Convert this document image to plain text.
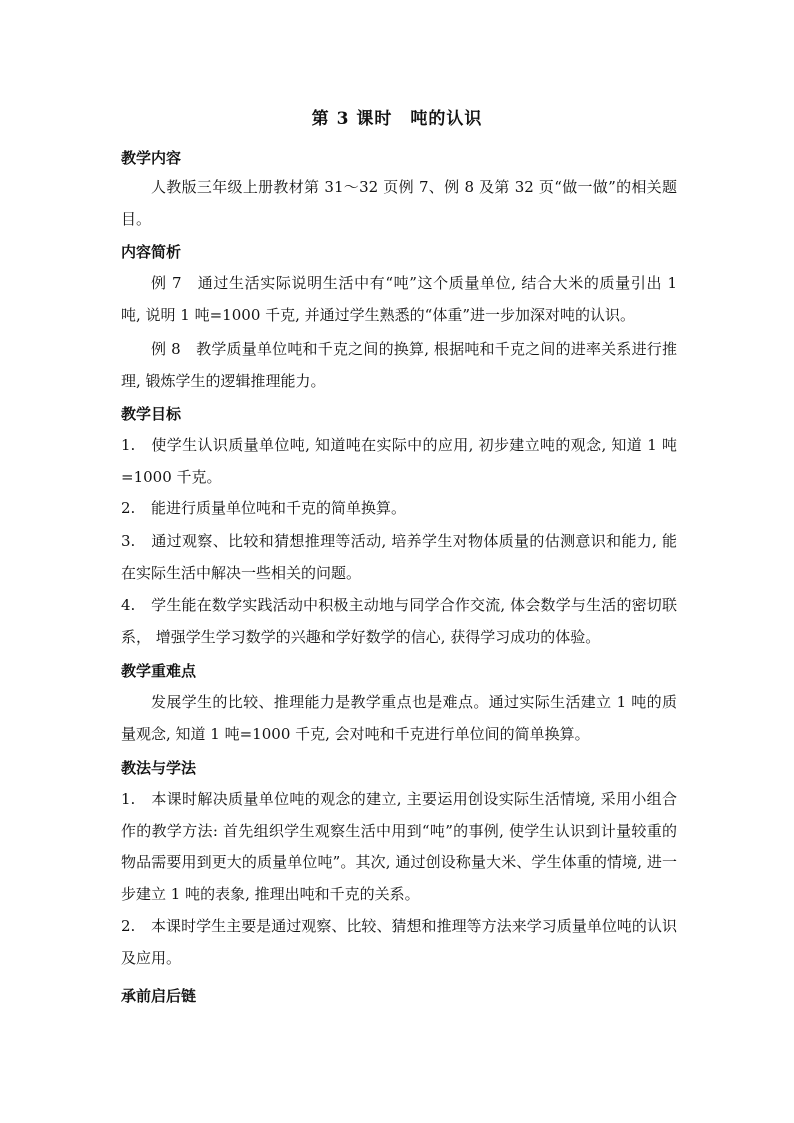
第 3 课时　吨的认识
教学内容
人教版三年级上册教材第 31～32 页例 7、例 8 及第 32 页“做一做”的相关题目。
内容简析
例 7　通过生活实际说明生活中有“吨”这个质量单位, 结合大米的质量引出 1 吨, 说明 1 吨=1000 千克, 并通过学生熟悉的“体重”进一步加深对吨的认识。
例 8　教学质量单位吨和千克之间的换算, 根据吨和千克之间的进率关系进行推理, 锻炼学生的逻辑推理能力。
教学目标
1. 使学生认识质量单位吨, 知道吨在实际中的应用, 初步建立吨的观念, 知道 1 吨=1000 千克。
2. 能进行质量单位吨和千克的简单换算。
3. 通过观察、比较和猜想推理等活动, 培养学生对物体质量的估测意识和能力, 能在实际生活中解决一些相关的问题。
4. 学生能在数学实践活动中积极主动地与同学合作交流, 体会数学与生活的密切联系， 增强学生学习数学的兴趣和学好数学的信心, 获得学习成功的体验。
教学重难点
发展学生的比较、推理能力是教学重点也是难点。通过实际生活建立 1 吨的质量观念, 知道 1 吨=1000 千克, 会对吨和千克进行单位间的简单换算。
教法与学法
1. 本课时解决质量单位吨的观念的建立, 主要运用创设实际生活情境, 采用小组合作的教学方法: 首先组织学生观察生活中用到“吨”的事例, 使学生认识到计量较重的物品需要用到更大的质量单位吨”。其次, 通过创设称量大米、学生体重的情境, 进一步建立 1 吨的表象, 推理出吨和千克的关系。
2. 本课时学生主要是通过观察、比较、猜想和推理等方法来学习质量单位吨的认识及应用。
承前启后链
